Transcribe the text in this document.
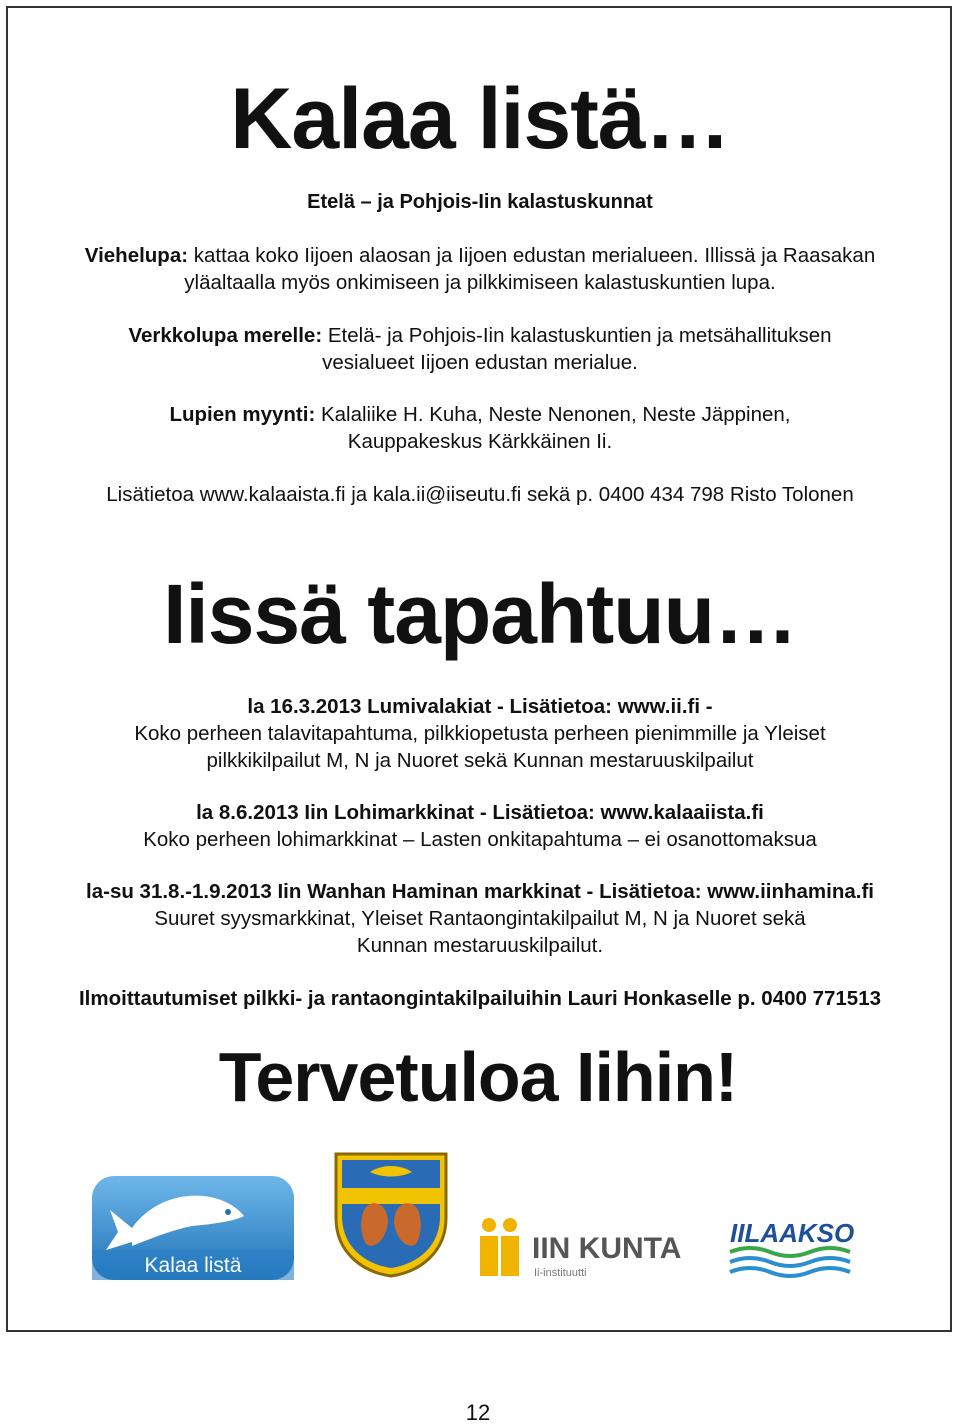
Kalaa listä…
Etelä – ja Pohjois-Iin kalastuskunnat
Viehelupa: kattaa koko Iijoen alaosan ja Iijoen edustan merialueen. Illissä ja Raasakan
yläaltaalla myös onkimiseen ja pilkkimiseen kalastuskuntien lupa.
Verkkolupa merelle: Etelä- ja Pohjois-Iin kalastuskuntien ja metsähallituksen
vesialueet Iijoen edustan merialue.
Lupien myynti: Kalaliike H. Kuha, Neste Nenonen, Neste Jäppinen,
Kauppakeskus Kärkkäinen Ii.
Lisätietoa www.kalaaista.fi ja kala.ii@iiseutu.fi sekä p. 0400 434 798 Risto Tolonen
Iissä tapahtuu…
la 16.3.2013 Lumivalakiat - Lisätietoa: www.ii.fi -
Koko perheen talavitapahtuma, pilkkiopetusta perheen pienimmille ja Yleiset
pilkkikilpailut M, N ja Nuoret sekä Kunnan mestaruuskilpailut
la 8.6.2013 Iin Lohimarkkinat - Lisätietoa: www.kalaaiista.fi
Koko perheen lohimarkkinat – Lasten onkitapahtuma – ei osanottomaksua
la-su 31.8.-1.9.2013 Iin Wanhan Haminan markkinat - Lisätietoa: www.iinhamina.fi
Suuret syysmarkkinat, Yleiset Rantaongintakilpailut M, N ja Nuoret sekä
Kunnan mestaruuskilpailut.
Ilmoittautumiset pilkki- ja rantaongintakilpailuihin Lauri Honkaselle p. 0400 771513
Tervetuloa Iihin!
Kalaa listä
IIN KUNTA
Ii-instituutti
IILAAKSO
12
